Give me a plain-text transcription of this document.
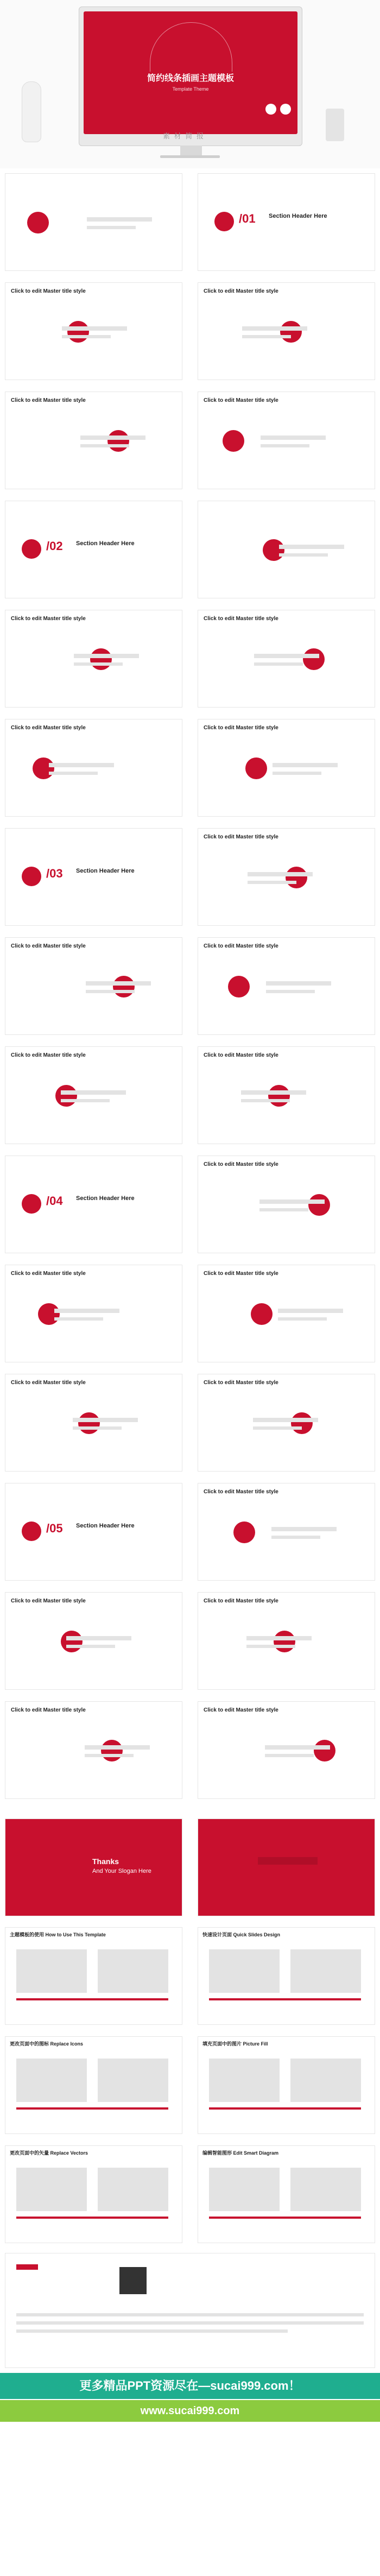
简约线条插画主题模板
Template Theme
素 材 简 报
/01 Section Header Here
Click to edit Master title style	Click to edit Master title style
Click to edit Master title style	Click to edit Master title style
/02 Section Header Here
Click to edit Master title style	Click to edit Master title style
Click to edit Master title style	Click to edit Master title style
/03 Section Header Here
Click to edit Master title style
Click to edit Master title style	Click to edit Master title style
Click to edit Master title style	Click to edit Master title style
/04 Section Header Here
Click to edit Master title style
Click to edit Master title style	Click to edit Master title style
Click to edit Master title style	Click to edit Master title style
/05 Section Header Here
Click to edit Master title style
Click to edit Master title style	Click to edit Master title style
Click to edit Master title style	Click to edit Master title style
Thanks
And Your Slogan Here
主题模板的使用 How to Use This Template	快速设计页面 Quick Slides Design
更改页面中的图标 Replace Icons	填充页面中的图片 Picture Fill
更改页面中的矢量 Replace Vectors	编辑智能图形 Edit Smart Diagram
更多精品PPT资源尽在—sucai999.com！
www.sucai999.com
